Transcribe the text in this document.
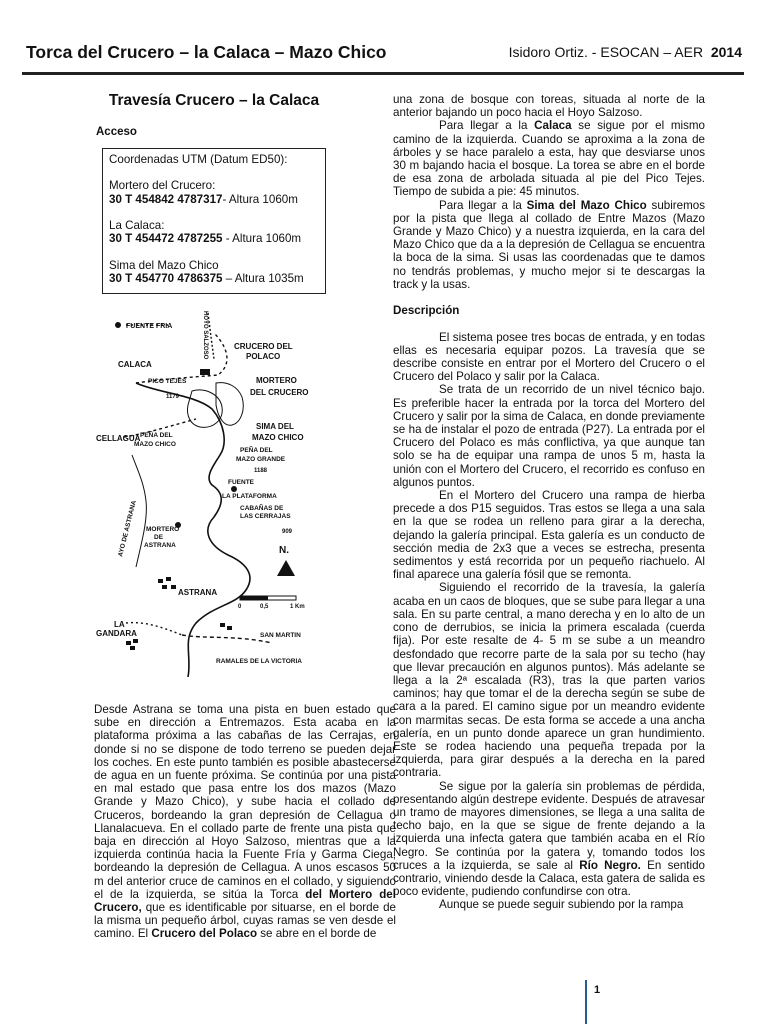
Torca del Crucero – la Calaca – Mazo Chico	Isidoro Ortiz. - ESOCAN – AER 2014
Travesía Crucero – la Calaca
Acceso

Coordenadas UTM (Datum ED50):

Mortero del Crucero:

30 T 454842 4787317- Altura 1060m

La Calaca:

30 T 454472 4787255 - Altura 1060m

Sima del Mazo Chico

30 T 454770 4786375 – Altura 1035m

FUENTE FRIA	HOYO SALZOSO	CRUCERO DEL
POLACO
CALACA
MORTERO
DEL CRUCERO
PICO TEJES
1179
CELLAGUA
SIMA DEL
MAZO CHICO
PEÑA DEL
MAZO CHICO
PEÑA DEL
MAZO GRANDE
1188
FUENTE
LA PLATAFORMA
CABAÑAS DE
LAS CERRAJAS
909
MORTERO
DE
ASTRANA
AYO DE ASTRANA	N.
ASTRANA
0	0,5	1 Km
LA
GANDARA	SAN MARTIN
RAMALES DE LA VICTORIA

Desde Astrana se toma una pista en buen estado que sube en dirección a Entremazos. Esta acaba en la plataforma próxima a las cabañas de las Cerrajas, en donde si no se dispone de todo terreno se pueden dejar los coches. En este punto también es posible abastecerse de agua en un fuente próxima. Se continúa por una pista en mal estado que pasa entre los dos mazos (Mazo Grande y Mazo Chico), y sube hacia el collado de Cruceros, bordeando la gran depresión de Cellagua o Llanalacueva. En el collado parte de frente una pista que baja en dirección al Hoyo Salzoso, mientras que a la izquierda continúa hacia la Fuente Fría y Garma Ciega, bordeando la depresión de Cellagua. A unos escasos 50 m del anterior cruce de caminos en el collado, y siguiendo el de la izquierda, se sitúa la Torca del Mortero del Crucero, que es identificable por situarse, en el borde de la misma un pequeño árbol, cuyas ramas se ven desde el camino. El Crucero del Polaco se abre en el borde de

una zona de bosque con toreas, situada al norte de la anterior bajando un poco hacia el Hoyo Salzoso.

Para llegar a la Calaca se sigue por el mismo camino de la izquierda. Cuando se aproxima a la zona de árboles y se hace paralelo a esta, hay que desviarse unos 30 m bajando hacia el bosque. La torea se abre en el borde de esa zona de arbolada situada al pie del Pico Tejes. Tiempo de subida a pie: 45 minutos.

Para llegar a la Sima del Mazo Chico subiremos por la pista que llega al collado de Entre Mazos (Mazo Grande y Mazo Chico) y a nuestra izquierda, en la cara del Mazo Chico que da a la depresión de Cellagua se encuentra la boca de la sima. Si usas las coordenadas que te damos no tendrás problemas, y mucho mejor si te descargas la track y la usas.

Descripción

El sistema posee tres bocas de entrada, y en todas ellas es necesaria equipar pozos. La travesía que se describe consiste en entrar por el Mortero del Crucero o el Crucero del Polaco y salir por la Calaca.

Se trata de un recorrido de un nivel técnico bajo. Es preferible hacer la entrada por la torca del Mortero del Crucero y salir por la sima de Calaca, en donde previamente se ha de instalar el pozo de entrada (P27). La entrada por el Crucero del Polaco es más conflictiva, ya que aunque tan solo se ha de equipar una rampa de unos 5 m, hasta la unión con el Mortero del Crucero, el recorrido es confuso en algunos puntos.

En el Mortero del Crucero una rampa de hierba precede a dos P15 seguidos. Tras estos se llega a una sala en la que se rodea un relleno para girar a la derecha, dejando la galería principal. Esta galería es un conducto de sección media de 2x3 que a veces se estrecha, presenta sedimentos y está recorrida por un pequeño riachuelo. Al final aparece una galería fósil que se remonta.

Siguiendo el recorrido de la travesía, la galería acaba en un caos de bloques, que se sube para llegar a una sala. En su parte central, a mano derecha y en lo alto de un cono de derrubios, se inicia la primera escalada (cuerda fija). Por este resalte de 4- 5 m se sube a un meandro desfondado que recorre parte de la sala por su techo (hay que llevar precaución en algunos puntos). Más adelante se llega a la 2ª escalada (R3), tras la que parten varios caminos; hay que tomar el de la derecha según se sube de cara a la pared. El camino sigue por un meandro evidente con marmitas secas. De esta forma se accede a una ancha galería, en un punto donde aparece un gran hundimiento. Este se rodea haciendo una pequeña trepada por la izquierda, para girar después a la derecha en la pared contraria.

Se sigue por la galería sin problemas de pérdida, presentando algún destrepe evidente. Después de atravesar un tramo de mayores dimensiones, se llega a una salita de techo bajo, en la que se sigue de frente dejando a la izquierda una infecta gatera que también acaba en el Río Negro. Se continúa por la gatera y, tomando todos los cruces a la izquierda, se sale al Río Negro. En sentido contrario, viniendo desde la Calaca, esta gatera de salida es poco evidente, pudiendo confundirse con otra.

Aunque se puede seguir subiendo por la rampa

1
